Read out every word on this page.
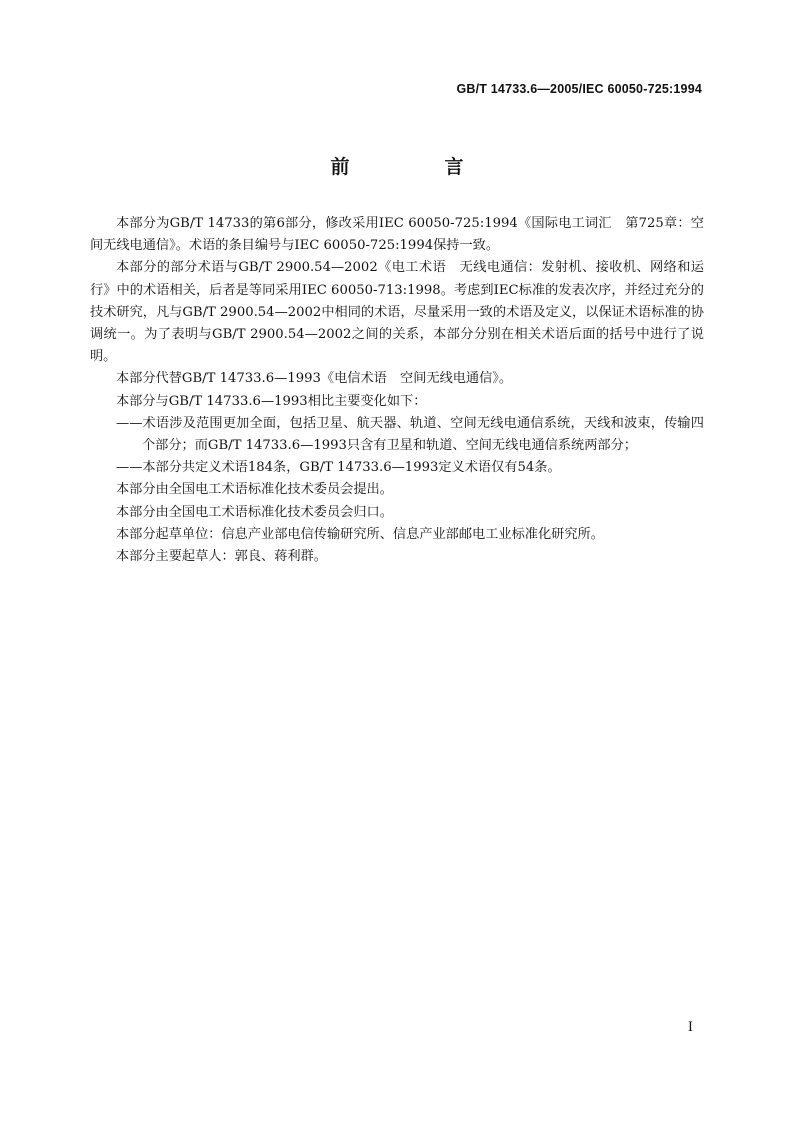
GB/T 14733.6—2005/IEC 60050-725:1994
前　言

本部分为GB/T 14733的第6部分，修改采用IEC 60050-725:1994《国际电工词汇　第725章：空间无线电通信》。术语的条目编号与IEC 60050-725:1994保持一致。

本部分的部分术语与GB/T 2900.54—2002《电工术语　无线电通信：发射机、接收机、网络和运行》中的术语相关，后者是等同采用IEC 60050-713:1998。考虑到IEC标准的发表次序，并经过充分的技术研究，凡与GB/T 2900.54—2002中相同的术语，尽量采用一致的术语及定义，以保证术语标准的协调统一。为了表明与GB/T 2900.54—2002之间的关系，本部分分别在相关术语后面的括号中进行了说明。

本部分代替GB/T 14733.6—1993《电信术语　空间无线电通信》。

本部分与GB/T 14733.6—1993相比主要变化如下：

——术语涉及范围更加全面，包括卫星、航天器、轨道、空间无线电通信系统，天线和波束，传输四个部分；而GB/T 14733.6—1993只含有卫星和轨道、空间无线电通信系统两部分；

——本部分共定义术语184条，GB/T 14733.6—1993定义术语仅有54条。

本部分由全国电工术语标准化技术委员会提出。

本部分由全国电工术语标准化技术委员会归口。

本部分起草单位：信息产业部电信传输研究所、信息产业部邮电工业标准化研究所。

本部分主要起草人：郭良、蒋利群。

I
